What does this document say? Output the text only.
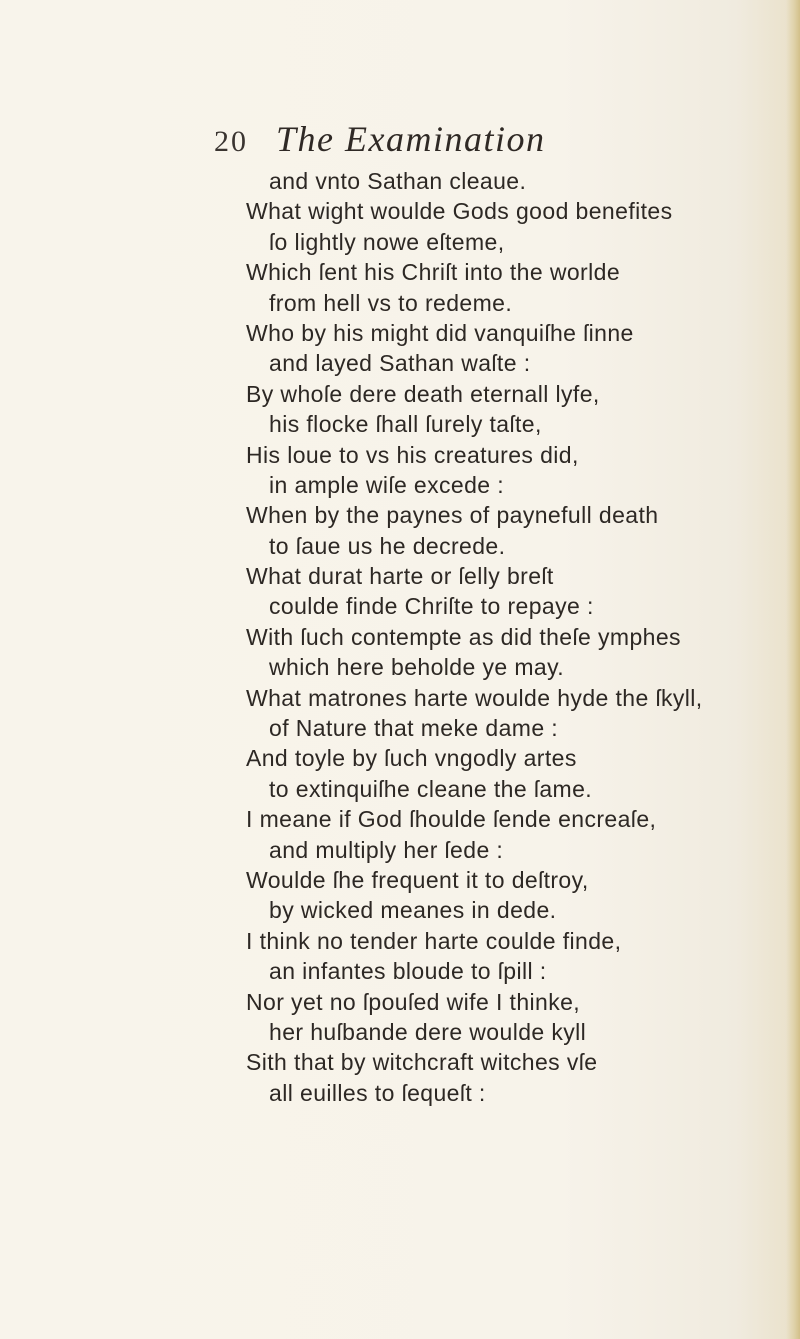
20 The Examination
and vnto Sathan cleaue.
What wight woulde Gods good benefites
ſo lightly nowe eſteme,
Which ſent his Chriſt into the worlde
from hell vs to redeme.
Who by his might did vanquiſhe ſinne
and layed Sathan waſte :
By whoſe dere death eternall lyfe,
his flocke ſhall ſurely taſte,
His loue to vs his creatures did,
in ample wiſe excede :
When by the paynes of paynefull death
to ſaue us he decrede.
What durat harte or ſelly breſt
coulde finde Chriſte to repaye :
With ſuch contempte as did theſe ymphes
which here beholde ye may.
What matrones harte woulde hyde the ſkyll,
of Nature that meke dame :
And toyle by ſuch vngodly artes
to extinquiſhe cleane the ſame.
I meane if God ſhoulde ſende encreaſe,
and multiply her ſede :
Woulde ſhe frequent it to deſtroy,
by wicked meanes in dede.
I think no tender harte coulde finde,
an infantes bloude to ſpill :
Nor yet no ſpouſed wife I thinke,
her huſbande dere woulde kyll
Sith that by witchcraft witches vſe
all euilles to ſequeſt :
